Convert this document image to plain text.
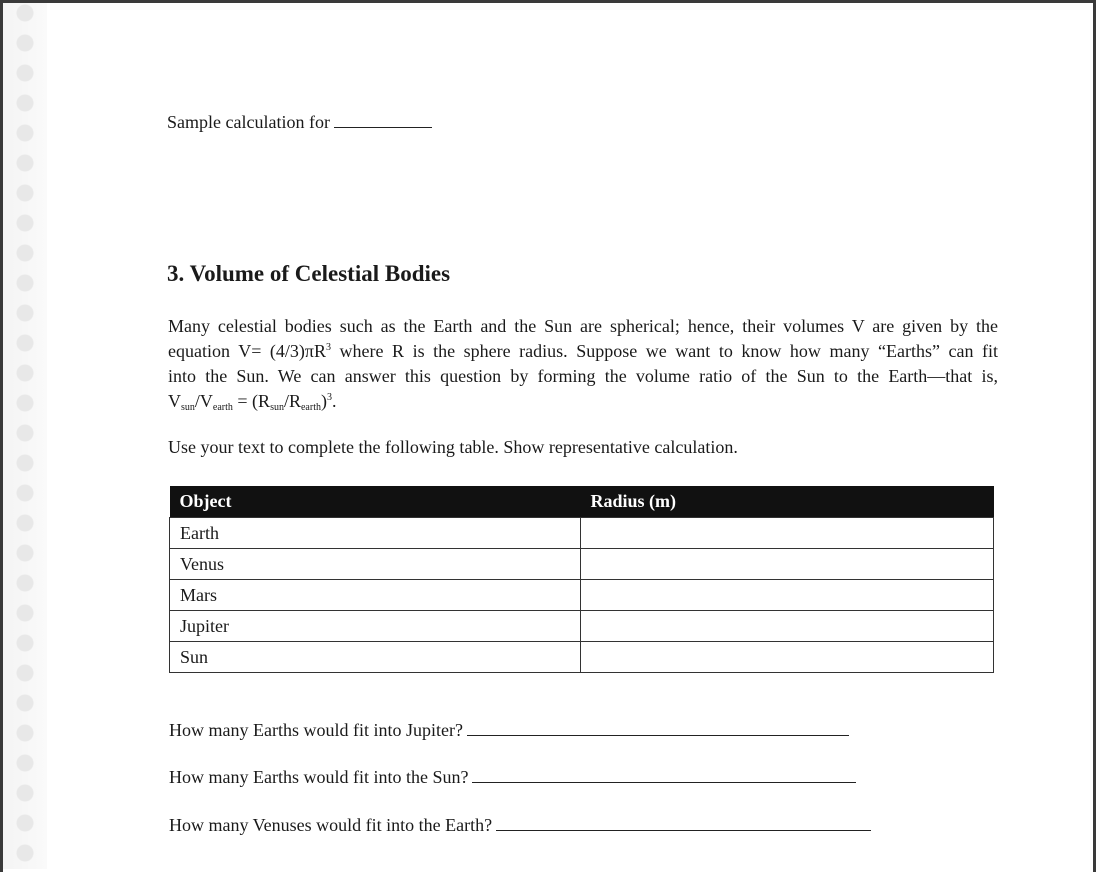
Sample calculation for
3. Volume of Celestial Bodies
Many celestial bodies such as the Earth and the Sun are spherical; hence, their volumes V are given by the
equation $V= (4/3)\pi R^3$ where R is the sphere radius. Suppose we want to know how many “Earths” can fit
into the Sun. We can answer this question by forming the volume ratio of the Sun to the Earth—that is,
$V_{sun}/V_{earth} = (R_{sun}/R_{earth})^3$.

Use your text to complete the following table. Show representative calculation.

Object	Radius (m)
Earth	
Venus	
Mars	
Jupiter	
Sun	
How many Earths would fit into Jupiter?
How many Earths would fit into the Sun?
How many Venuses would fit into the Earth?
